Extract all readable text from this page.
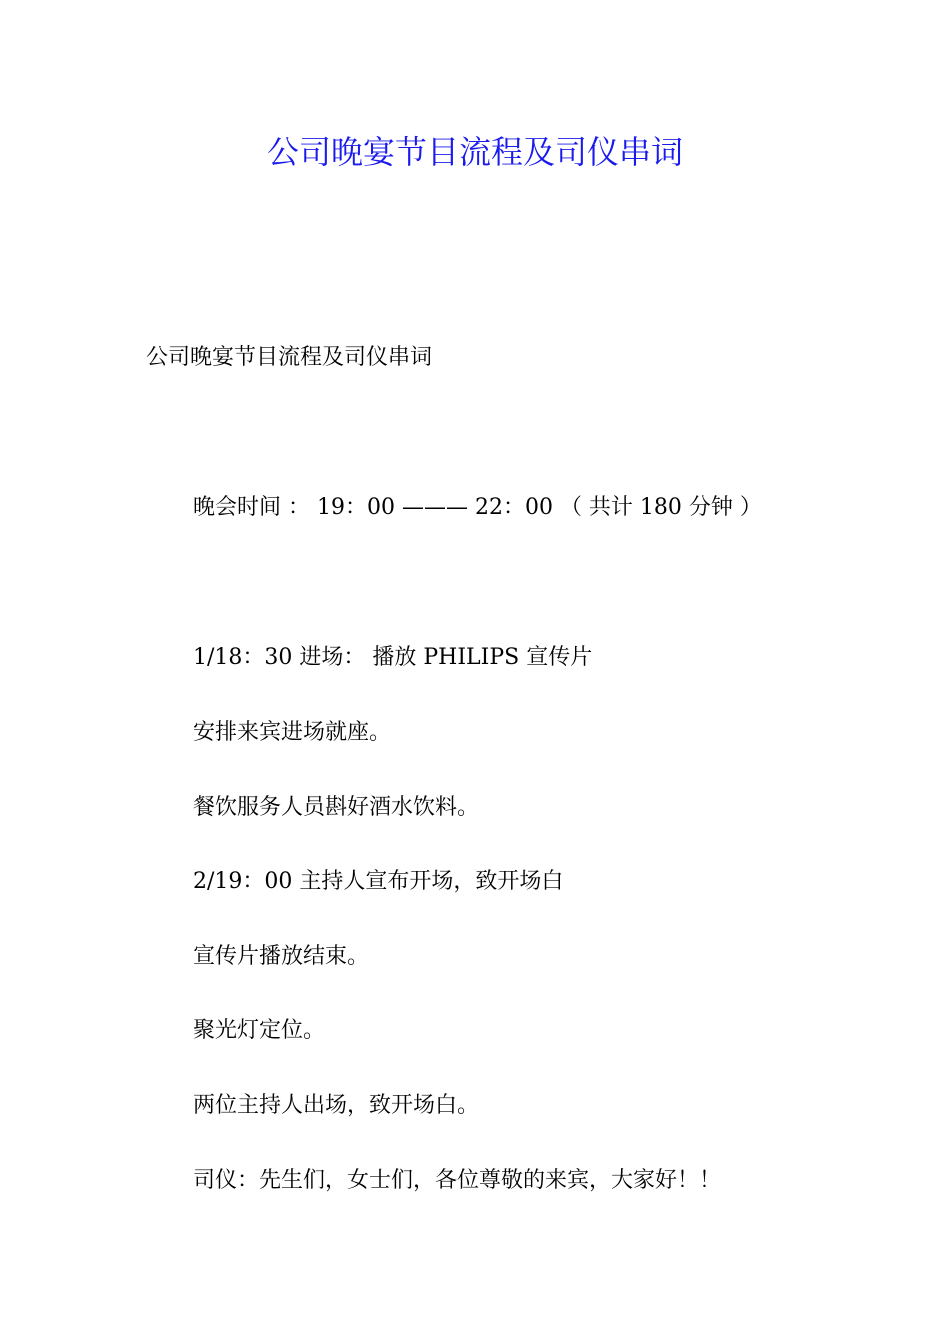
公司晚宴节目流程及司仪串词
公司晚宴节目流程及司仪串词
晚会时间 ： 19：00 ——— 22：00 （ 共计 180 分钟 ）
1/18：30 进场： 播放 PHILIPS 宣传片
安排来宾进场就座。
餐饮服务人员斟好酒水饮料。
2/19：00 主持人宣布开场，致开场白
宣传片播放结束。
聚光灯定位。
两位主持人出场，致开场白。
司仪：先生们，女士们，各位尊敬的来宾，大家好！！
